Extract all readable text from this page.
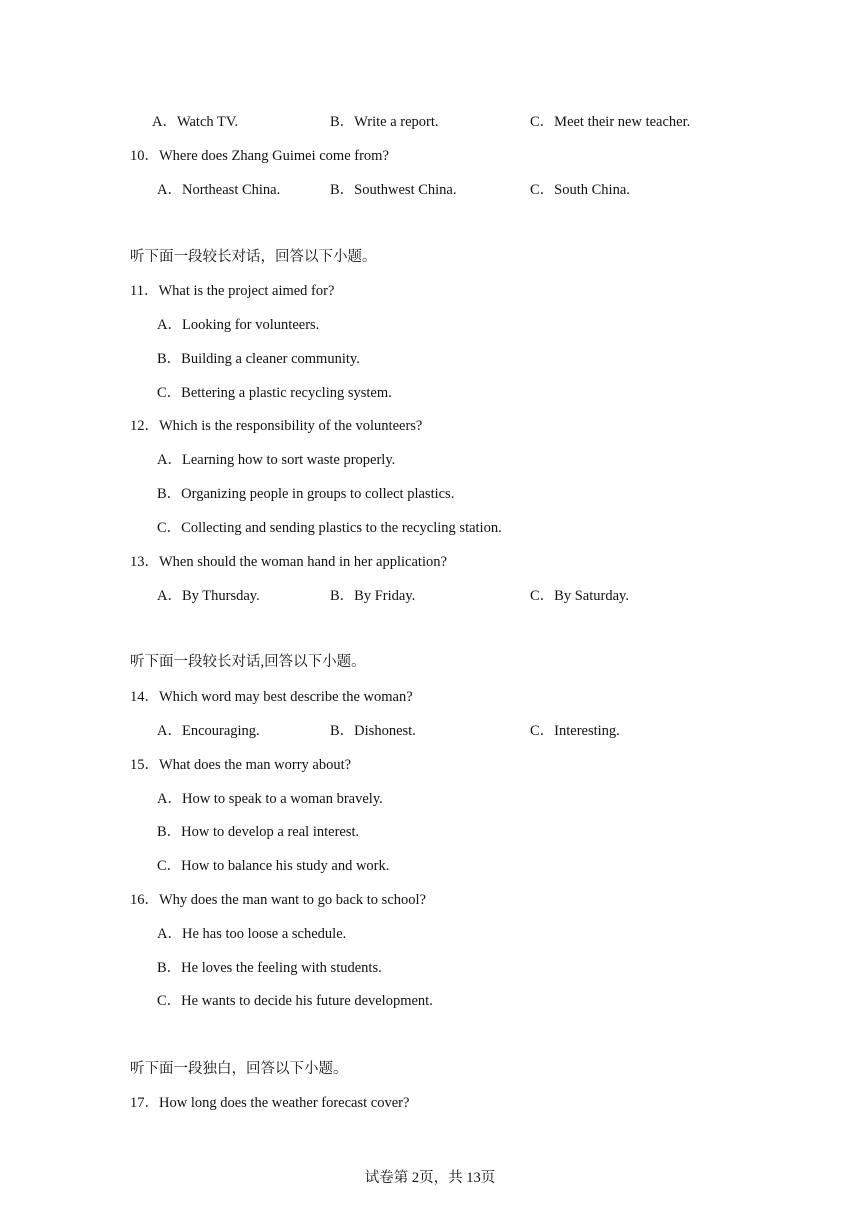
A．Watch TV.	B．Write a report.	C．Meet their new teacher.
10．Where does Zhang Guimei come from?
A．Northeast China.	B．Southwest China.	C．South China.
听下面一段较长对话，回答以下小题。
11．What is the project aimed for?
A．Looking for volunteers.
B．Building a cleaner community.
C．Bettering a plastic recycling system.
12．Which is the responsibility of the volunteers?
A．Learning how to sort waste properly.
B．Organizing people in groups to collect plastics.
C．Collecting and sending plastics to the recycling station.
13．When should the woman hand in her application?
A．By Thursday.	B．By Friday.	C．By Saturday.
听下面一段较长对话,回答以下小题。
14．Which word may best describe the woman?
A．Encouraging.	B．Dishonest.	C．Interesting.
15．What does the man worry about?
A．How to speak to a woman bravely.
B．How to develop a real interest.
C．How to balance his study and work.
16．Why does the man want to go back to school?
A．He has too loose a schedule.
B．He loves the feeling with students.
C．He wants to decide his future development.
听下面一段独白，回答以下小题。
17．How long does the weather forecast cover?
试卷第 2页，共 13页
